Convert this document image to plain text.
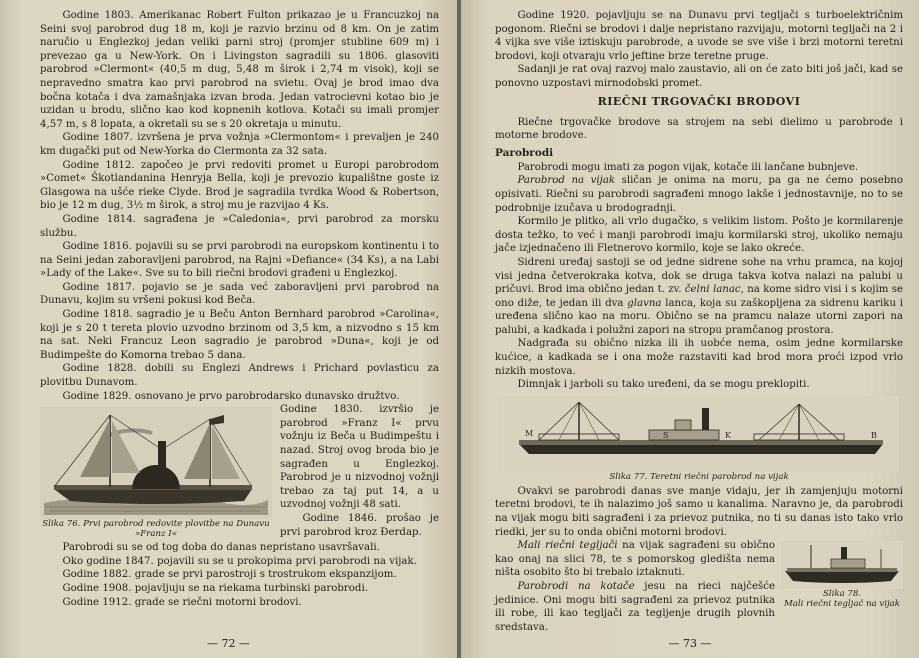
Godine 1803. Amerikanac Robert Fulton prikazao je u Francuzkoj na Seini svoj parobrod dug 18 m, koji je razvio brzinu od 8 km. On je zatim naručio u Englezkoj jedan veliki parni stroj (promjer stubline 609 m) i prevezao ga u New-York. On i Livingston sagradili su 1806. glasoviti parobrod »Clermont« (40,5 m dug, 5,48 m širok i 2,74 m visok), koji se nepravedno smatra kao prvi parobrod na svietu. Ovaj je brod imao dva bočna kotača i dva zamašnjaka izvan broda. Jedan vatrocievni kotao bio je uzidan u brodu, slično kao kod kopnenih kotlova. Kotači su imali promjer 4,57 m, s 8 lopata, a okretali su se s 20 okretaja u minutu.

Godine 1807. izvršena je prva vožnja »Clermontom« i prevaljen je 240 km dugački put od New-Yorka do Clermonta za 32 sata.

Godine 1812. započeo je prvi redoviti promet u Europi parobrodom »Comet« Škotlandanina Henryja Bella, koji je prevozio kupalištne goste iz Glasgowa na ušće rieke Clyde. Brod je sagradila tvrdka Wood & Robertson, bio je 12 m dug, 3½ m širok, a stroj mu je razvijao 4 Ks.

Godine 1814. sagrađena je »Caledonia«, prvi parobrod za morsku službu.

Godine 1816. pojavili su se prvi parobrodi na europskom kontinentu i to na Seini jedan zaboravljeni parobrod, na Rajni »Defiance« (34 Ks), a na Labi »Lady of the Lake«. Sve su to bili riečni brodovi građeni u Englezkoj.

Godine 1817. pojavio se je sada već zaboravljeni prvi parobrod na Dunavu, kojim su vršeni pokusi kod Beča.

Godine 1818. sagradio je u Beču Anton Bernhard parobrod »Carolina«, koji je s 20 t tereta plovio uzvodno brzinom od 3,5 km, a nizvodno s 15 km na sat. Neki Francuz Leon sagradio je parobrod »Duna«, koji je od Budimpešte do Komorna trebao 5 dana.

Godine 1828. dobili su Englezi Andrews i Prichard povlasticu za plovitbu Dunavom.

Godine 1829. osnovano je prvo parobrodarsko dunavsko družtvo.

Slika 76. Prvi parobrod redovite plovitbe na Dunavu »Franz I«

Godine 1830. izvršio je parobrod »Franz I« prvu vožnju iz Beča u Budimpeštu i nazad. Stroj ovog broda bio je sagrađen u Englezkoj. Parobrod je u nizvodnoj vožnji trebao za taj put 14, a u uzvodnoj vožnji 48 sati.

Godine 1846. prošao je prvi parobrod kroz Đerdap.

Parobrodi su se od tog doba do danas nepristano usavršavali.

Oko godine 1847. pojavili su se u prokopima prvi parobrodi na vijak.

Godine 1882. grade se prvi parostroji s trostrukom ekspanzijom.

Godine 1908. pojavljuju se na riekama turbinski parobrodi.

Godine 1912. grade se riečni motorni brodovi.

— 72 —

Godine 1920. pojavljuju se na Dunavu prvi tegljači s turboelektričnim pogonom. Riečni se brodovi i dalje nepristano razvijaju, motorni tegljači na 2 i 4 vijka sve više iztiskuju parobrode, a uvode se sve više i brzi motorni teretni brodovi, koji otvaraju vrlo jeftine brze teretne pruge.

Sadanji je rat ovaj razvoj malo zaustavio, ali on će zato biti još jači, kad se ponovno uzpostavi mirnodobski promet.

RIEČNI TRGOVAČKI BRODOVI

Riečne trgovačke brodove sa strojem na sebi dielimo u parobrode i motorne brodove.

Parobrodi

Parobrodi mogu imati za pogon vijak, kotače ili lančane bubnjeve.

Parobrod na vijak sličan je onima na moru, pa ga ne ćemo posebno opisivati. Riečni su parobrodi sagrađeni mnogo lakše i jednostavnije, no to se podrobnije izučava u brodogradnji.

Kormilo je plitko, ali vrlo dugačko, s velikim listom. Pošto je kormilarenje dosta težko, to već i manji parobrodi imaju kormilarski stroj, ukoliko nemaju jače izjednačeno ili Fletnerovo kormilo, koje se lako okreće.

Sidreni uređaj sastoji se od jedne sidrene sohe na vrhu pramca, na kojoj visi jedna četverokraka kotva, dok se druga takva kotva nalazi na palubi u pričuvi. Brod ima obično jedan t. zv. čelni lanac, na kome sidro visi i s kojim se ono diže, te jedan ili dva glavna lanca, koja su zaškopljena za sidrenu kariku i uređena slično kao na moru. Obično se na pramcu nalaze utorni zapori na palubi, a kadkada i polužni zapori na stropu pramčanog prostora.

Nadgrađa su obično nizka ili ih uobće nema, osim jedne kormilarske kućice, a kadkada se i ona može razstaviti kad brod mora proći izpod vrlo nizkih mostova.

Dimnjak i jarboli su tako uređeni, da se mogu preklopiti.

M	S	K	B
Slika 77. Teretni riečni parobrod na vijak

Ovakvi se parobrodi danas sve manje vidaju, jer ih zamjenjuju motorni teretni brodovi, te ih nalazimo još samo u kanalima. Naravno je, da parobrodi na vijak mogu biti sagrađeni i za prievoz putnika, no ti su danas isto tako vrlo riedki, jer su to onda obični motorni brodovi.

Slika 78.
Mali riečni tegljač na vijak

Mali riečni tegljači na vijak sagrađeni su obično kao onaj na slici 78, te s pomorskog gledišta nema ništa osobito što bi trebalo iztaknuti.

Parobrodi na kotače jesu na rieci najčešće jedinice. Oni mogu biti sagrađeni za prievoz putnika ili robe, ili kao tegljači za tegljenje drugih plovnih sredstava.

— 73 —
